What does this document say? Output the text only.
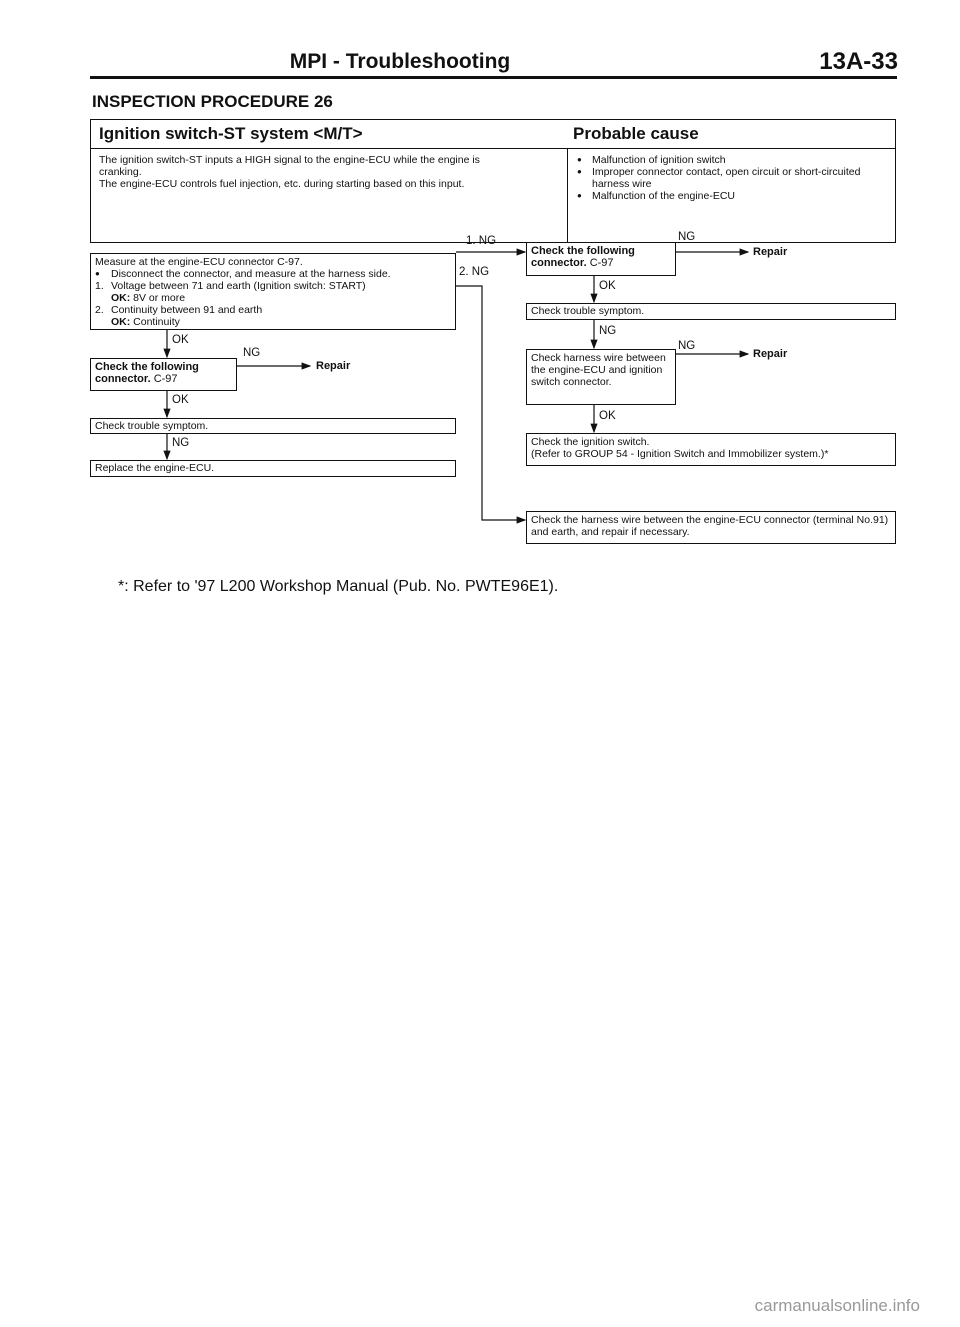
MPI - Troubleshooting	13A-33
INSPECTION PROCEDURE 26
Ignition switch-ST system <M/T>	Probable cause
The ignition switch-ST inputs a HIGH signal to the engine-ECU while the engine is
cranking.
The engine-ECU controls fuel injection, etc. during starting based on this input.
● Malfunction of ignition switch
● Improper connector contact, open circuit or short-circuited harness wire
● Malfunction of the engine-ECU
Measure at the engine-ECU connector C-97.
● Disconnect the connector, and measure at the harness side.
1. Voltage between 71 and earth (Ignition switch: START)
OK: 8V or more
2. Continuity between 91 and earth
OK: Continuity
Check the following connector. C-97
Check trouble symptom.
Replace the engine-ECU.
Check the following connector. C-97
Check trouble symptom.
Check harness wire between the engine-ECU and ignition switch connector.
Check the ignition switch.
(Refer to GROUP 54 - Ignition Switch and Immobilizer system.)*
Check the harness wire between the engine-ECU connector (terminal No.91) and earth, and repair if necessary.
OK
NG
Repair
OK
NG
1. NG
2. NG
NG
Repair
OK
NG
NG
Repair
OK
*: Refer to '97 L200 Workshop Manual (Pub. No. PWTE96E1).
carmanualsonline.info
